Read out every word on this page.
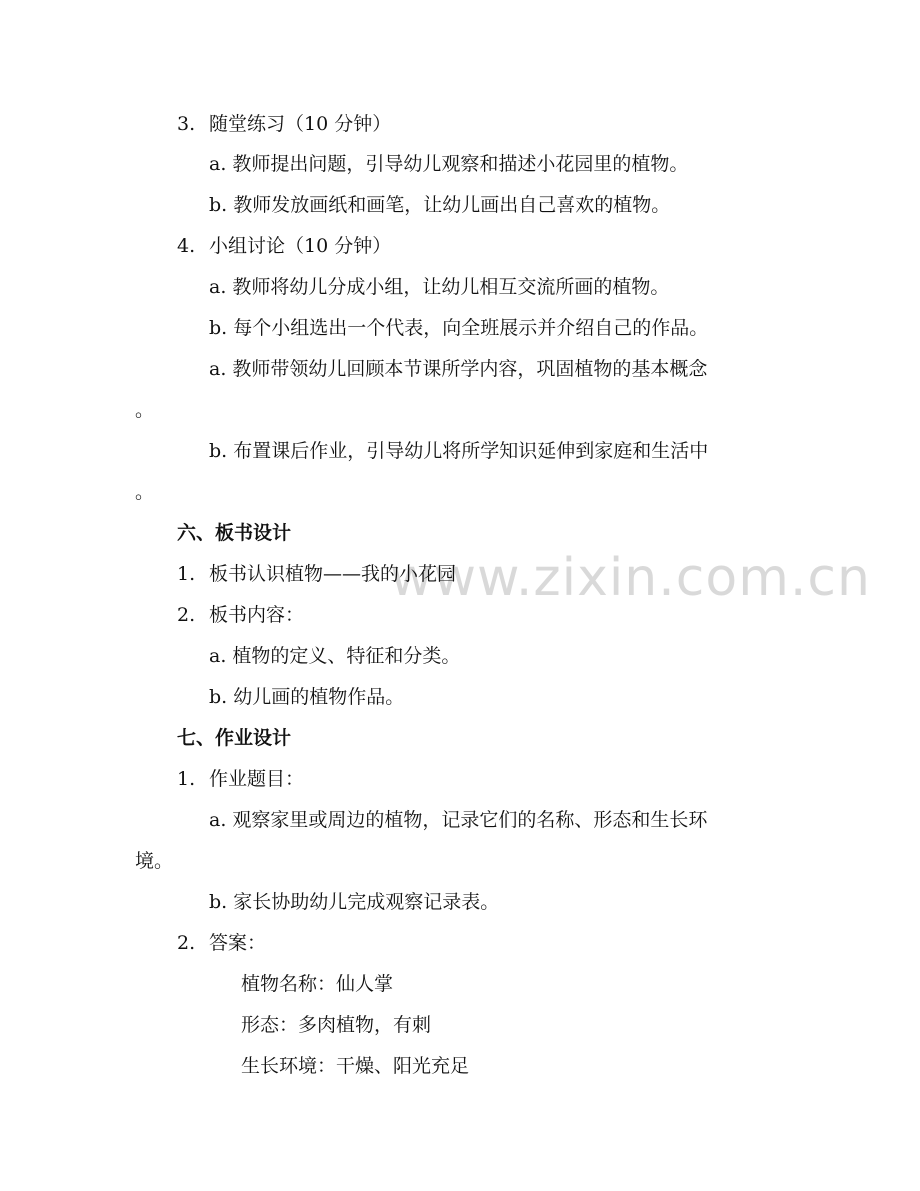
www.zixin.com.cn
3. 随堂练习（10 分钟）
a. 教师提出问题，引导幼儿观察和描述小花园里的植物。
b. 教师发放画纸和画笔，让幼儿画出自己喜欢的植物。
4. 小组讨论（10 分钟）
a. 教师将幼儿分成小组，让幼儿相互交流所画的植物。
b. 每个小组选出一个代表，向全班展示并介绍自己的作品。
a. 教师带领幼儿回顾本节课所学内容，巩固植物的基本概念
。
b. 布置课后作业，引导幼儿将所学知识延伸到家庭和生活中
。
六、板书设计
1. 板书认识植物——我的小花园
2. 板书内容：
a. 植物的定义、特征和分类。
b. 幼儿画的植物作品。
七、作业设计
1. 作业题目：
a. 观察家里或周边的植物，记录它们的名称、形态和生长环
境。
b. 家长协助幼儿完成观察记录表。
2. 答案：
植物名称：仙人掌
形态：多肉植物，有刺
生长环境：干燥、阳光充足
